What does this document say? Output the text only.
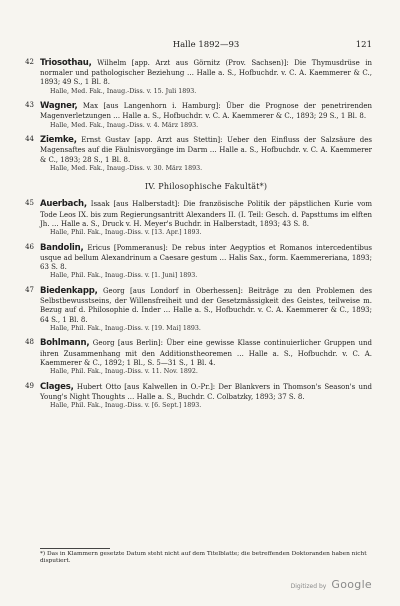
Halle 1892—93	121
42 Triosothau, Wilhelm [app. Arzt aus Görnitz (Prov. Sachsen)]: Die Thymusdrüse in normaler und pathologischer Beziehung … Halle a. S., Hofbuchdr. v. C. A. Kaemmerer & C., 1893; 49 S., 1 Bl. 8.
Halle, Med. Fak., Inaug.-Diss. v. 15. Juli 1893.
43 Wagner, Max [aus Langenhorn i. Hamburg]: Über die Prognose der penetrirenden Magenverletzungen … Halle a. S., Hofbuchdr. v. C. A. Kaemmerer & C., 1893; 29 S., 1 Bl. 8.
Halle, Med. Fak., Inaug.-Diss. v. 4. März 1893.
44 Ziemke, Ernst Gustav [app. Arzt aus Stettin]: Ueber den Einfluss der Salzsäure des Magensaftes auf die Fäulnisvorgänge im Darm … Halle a. S., Hofbuchdr. v. C. A. Kaemmerer & C., 1893; 28 S., 1 Bl. 8.
Halle, Med. Fak., Inaug.-Diss. v. 30. März 1893.
IV. Philosophische Fakultät*)
45 Auerbach, Isaak [aus Halberstadt]: Die französische Politik der päpstlichen Kurie vom Tode Leos IX. bis zum Regierungsantritt Alexanders II. (I. Teil: Gesch. d. Papsttums im elften Jh. … Halle a. S., Druck v. H. Meyer's Buchdr. in Halberstadt, 1893; 43 S. 8.
Halle, Phil. Fak., Inaug.-Diss. v. [13. Apr.] 1893.
46 Bandolin, Ericus [Pommeranus]: De rebus inter Aegyptios et Romanos intercedentibus usque ad bellum Alexandrinum a Caesare gestum … Halis Sax., form. Kaemmereriana, 1893; 63 S. 8.
Halle, Phil. Fak., Inaug.-Diss. v. [1. Juni] 1893.
47 Biedenkapp, Georg [aus Londorf in Oberhessen]: Beiträge zu den Problemen des Selbstbewusstseins, der Willensfreiheit und der Gesetzmässigkeit des Geistes, teilweise m. Bezug auf d. Philosophie d. Inder … Halle a. S., Hofbuchdr. v. C. A. Kaemmerer & C., 1893; 64 S., 1 Bl. 8.
Halle, Phil. Fak., Inaug.-Diss. v. [19. Mai] 1893.
48 Bohlmann, Georg [aus Berlin]: Über eine gewisse Klasse continuierlicher Gruppen und ihren Zusammenhang mit den Additionstheoremen … Halle a. S., Hofbuchdr. v. C. A. Kaemmerer & C., 1892; 1 Bl., S. 5—31 S., 1 Bl. 4.
Halle, Phil. Fak., Inaug.-Diss. v. 11. Nov. 1892.
49 Clages, Hubert Otto [aus Kalwellen in O.-Pr.]: Der Blankvers in Thomson's Season's und Young's Night Thoughts … Halle a. S., Buchdr. C. Colbatzky, 1893; 37 S. 8.
Halle, Phil. Fak., Inaug.-Diss. v. [6. Sept.] 1893.
*) Das in Klammern gesetzte Datum steht nicht auf dem Titelblatte; die betreffenden Doktoranden haben nicht disputiert.
Digitized by Google
